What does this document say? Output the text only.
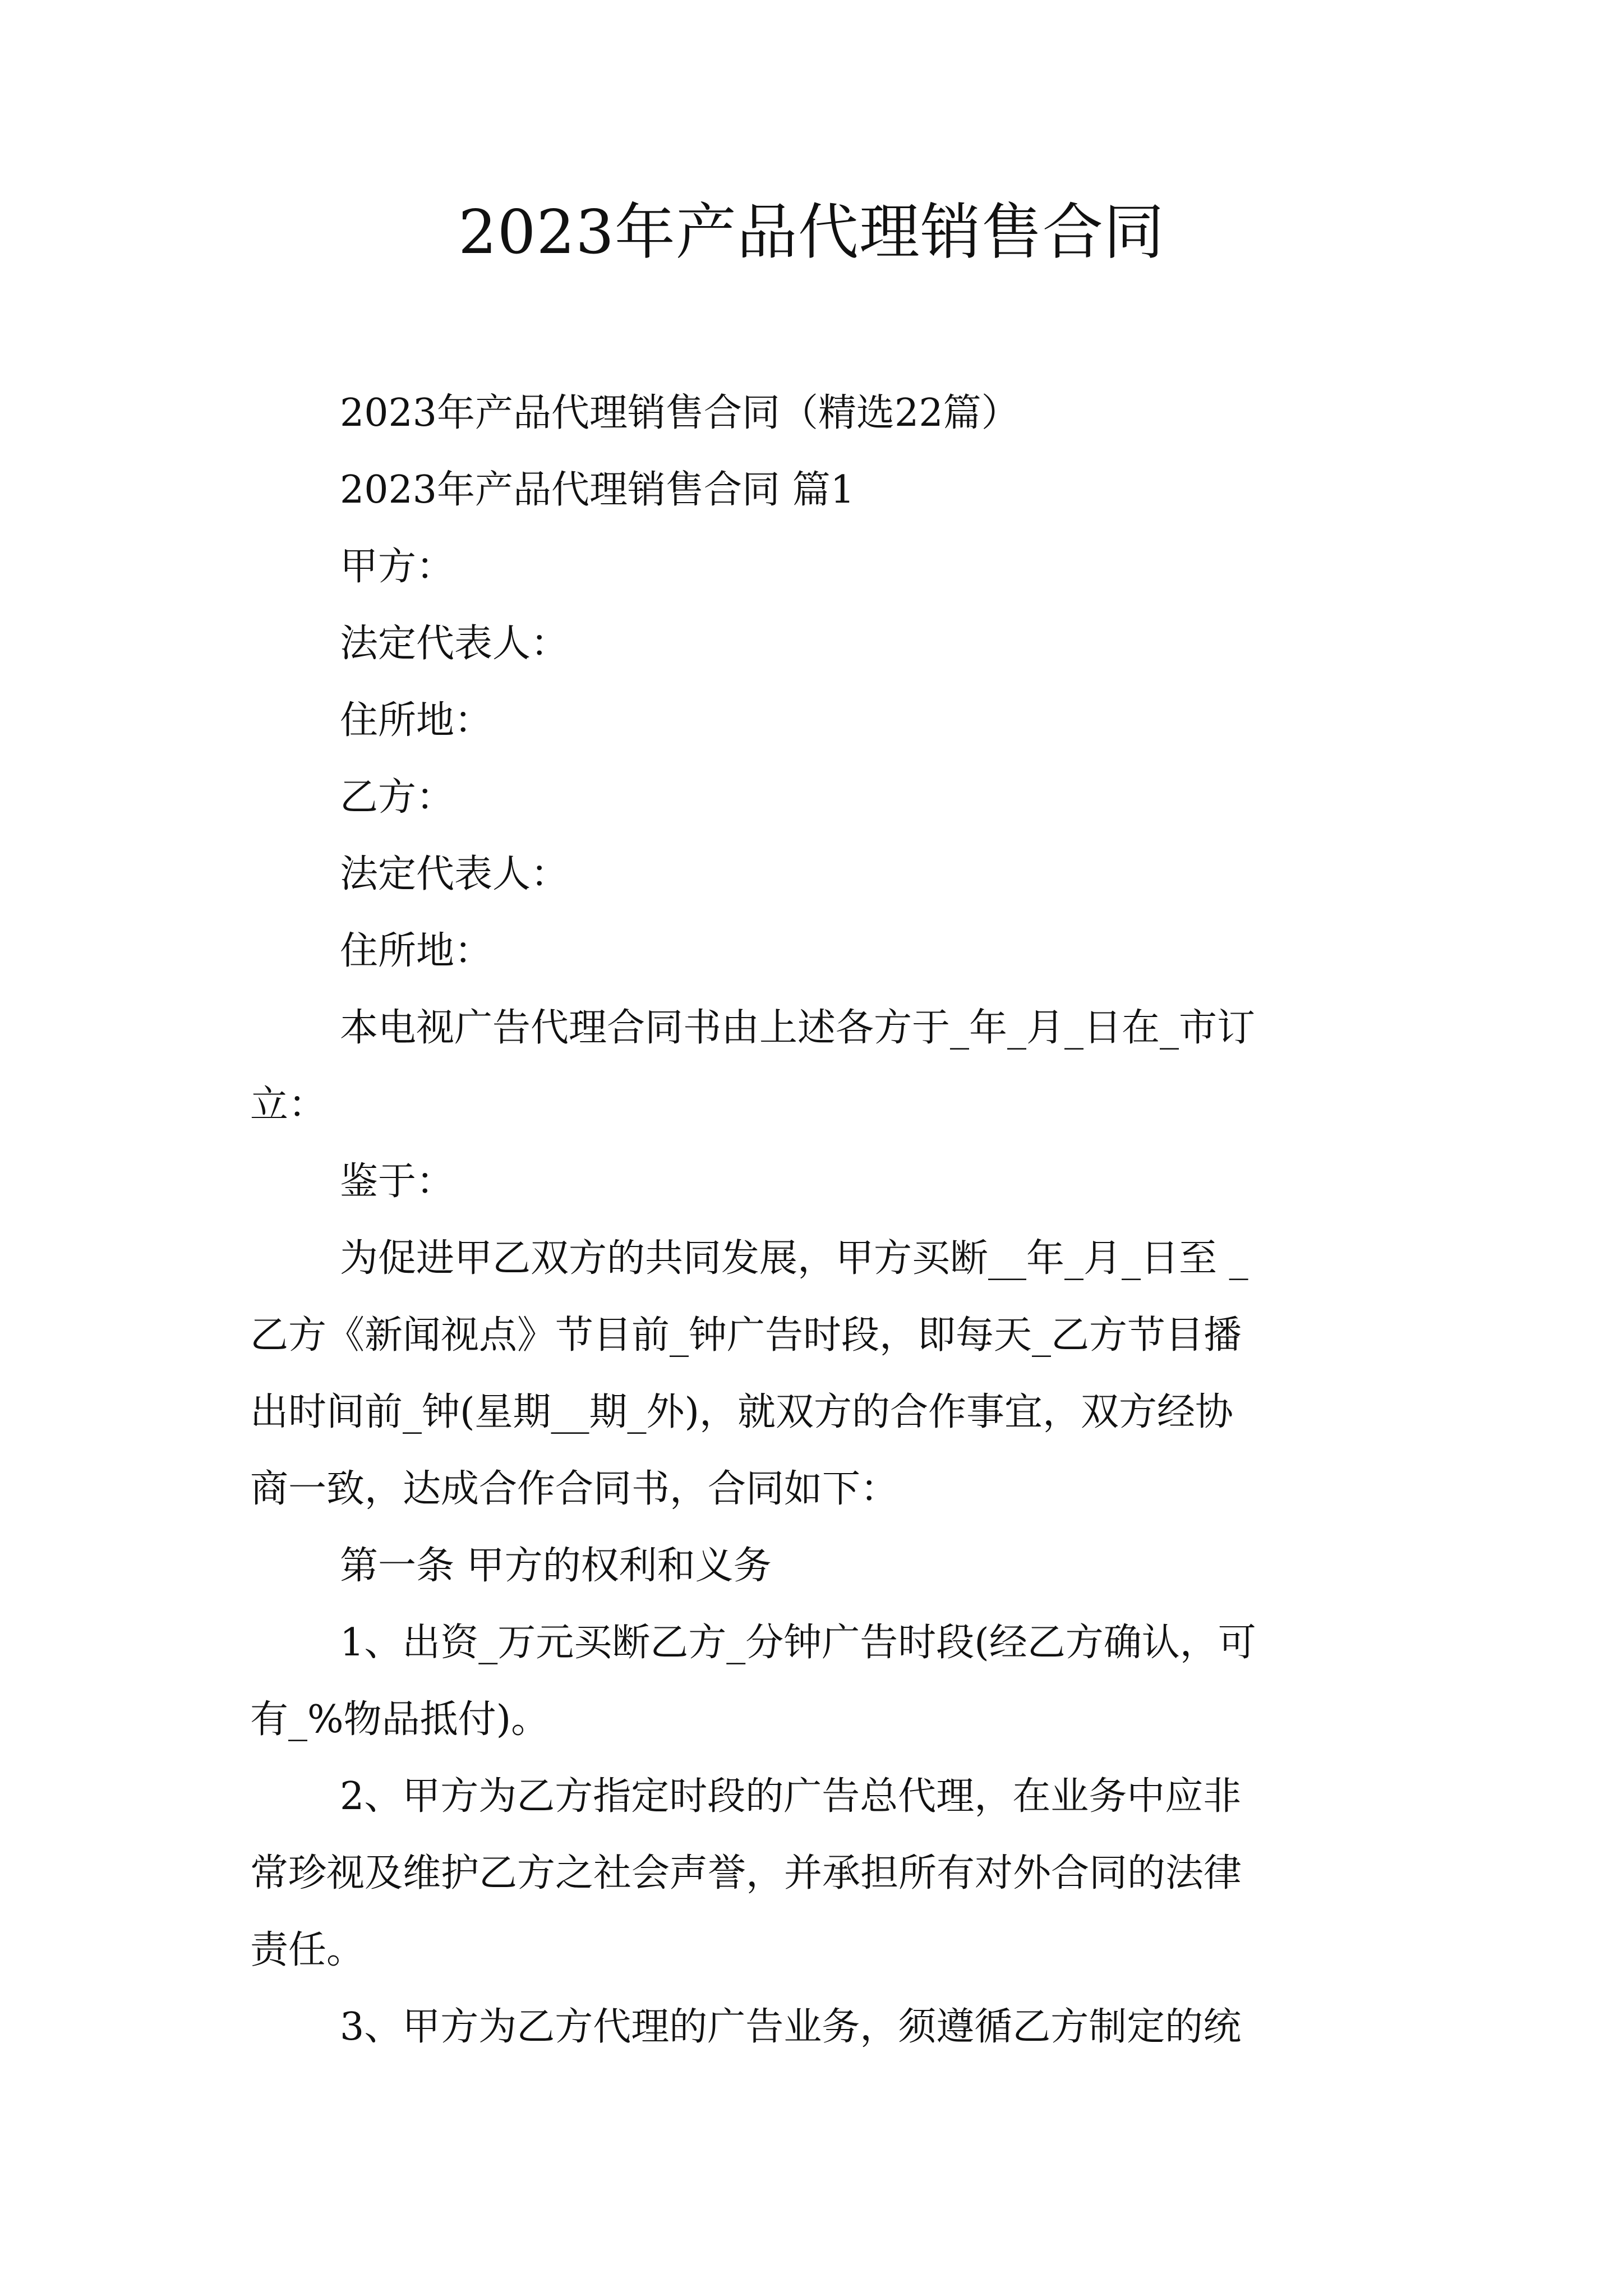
2023年产品代理销售合同
2023年产品代理销售合同（精选22篇）
2023年产品代理销售合同 篇1
甲方：
法定代表人：
住所地：
乙方：
法定代表人：
住所地：
本电视广告代理合同书由上述各方于_年_月_日在_市订
立：
鉴于：
为促进甲乙双方的共同发展，甲方买断__年_月_日至 _
乙方《新闻视点》节目前_钟广告时段，即每天_乙方节目播
出时间前_钟(星期__期_外)，就双方的合作事宜，双方经协
商一致，达成合作合同书，合同如下：
第一条 甲方的权利和义务
1、出资_万元买断乙方_分钟广告时段(经乙方确认，可
有_%物品抵付)。
2、甲方为乙方指定时段的广告总代理，在业务中应非
常珍视及维护乙方之社会声誉，并承担所有对外合同的法律
责任。
3、甲方为乙方代理的广告业务，须遵循乙方制定的统
